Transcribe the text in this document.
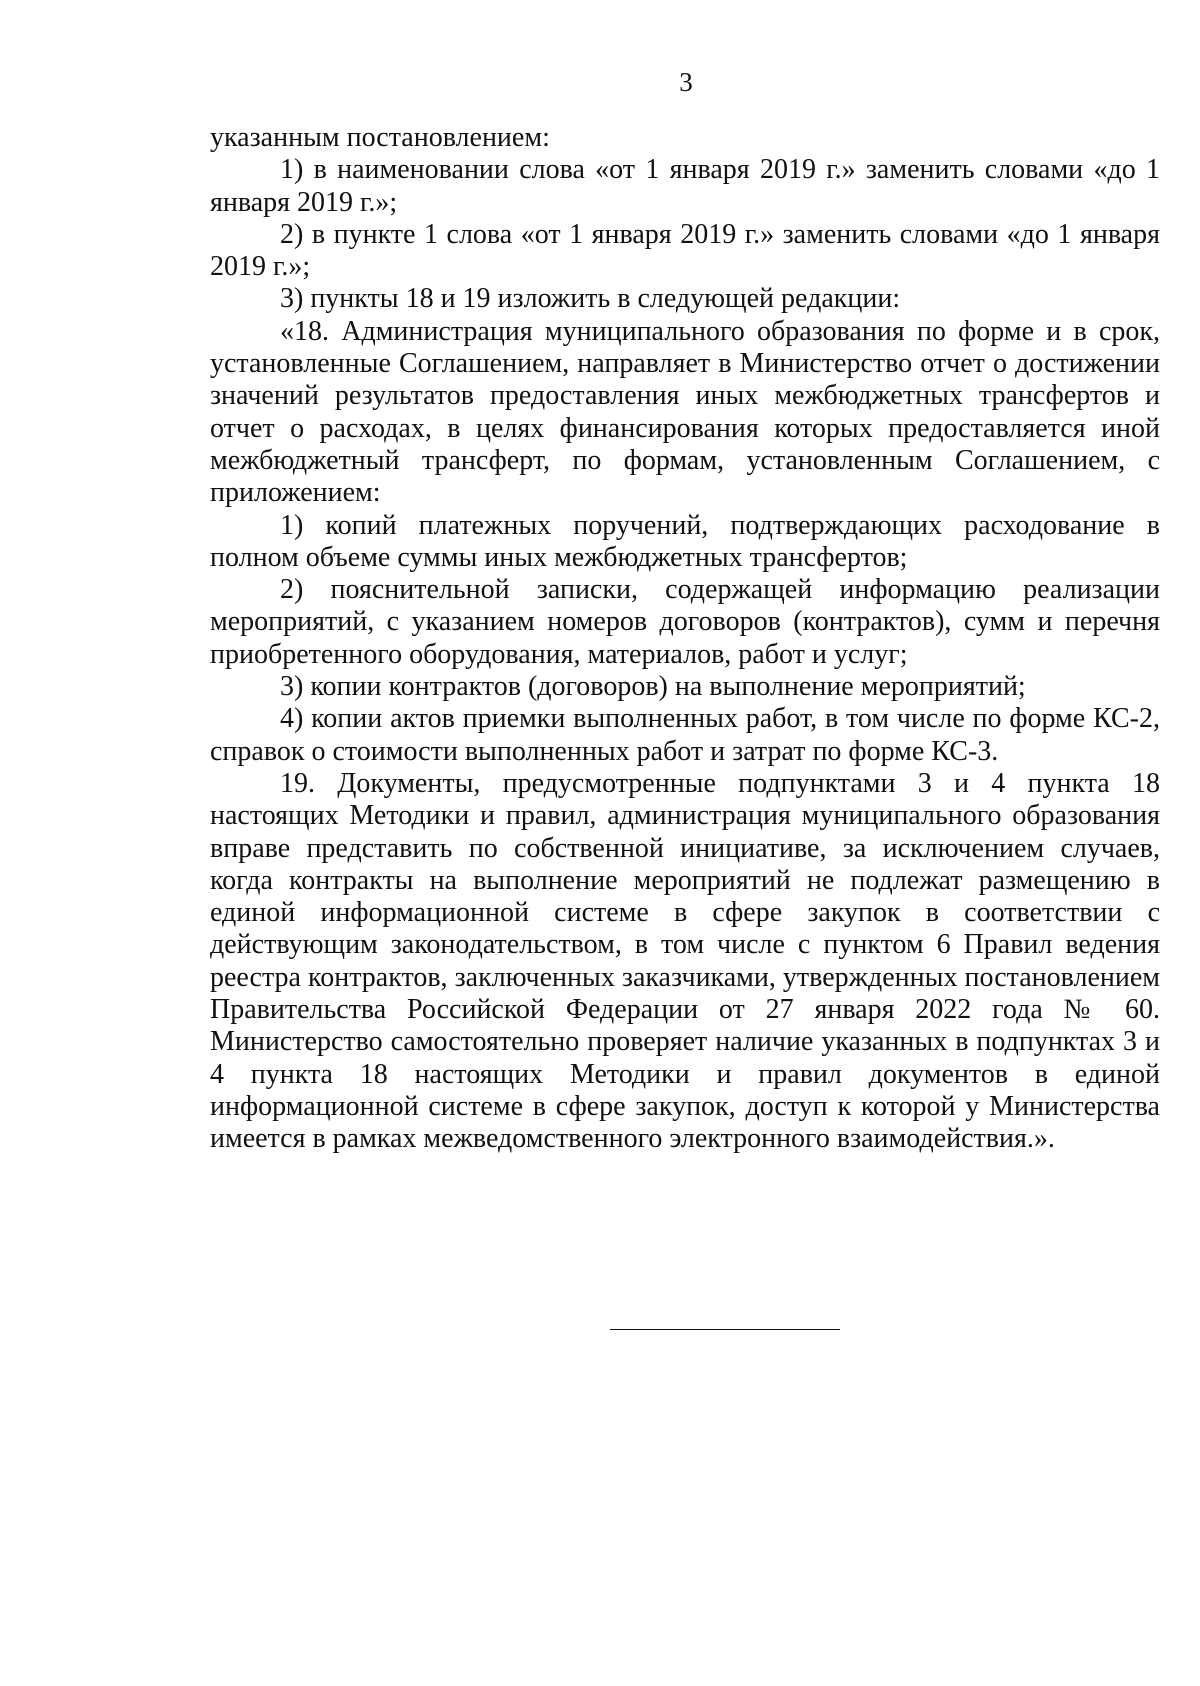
3

указанным постановлением:

1) в наименовании слова «от 1 января 2019 г.» заменить словами «до 1 января 2019 г.»;

2) в пункте 1 слова «от 1 января 2019 г.» заменить словами «до 1 января 2019 г.»;

3) пункты 18 и 19 изложить в следующей редакции:

«18. Администрация муниципального образования по форме и в срок, установленные Соглашением, направляет в Министерство отчет о достижении значений результатов предоставления иных межбюджетных трансфертов и отчет о расходах, в целях финансирования которых предоставляется иной межбюджетный трансферт, по формам, установленным Соглашением, с приложением:

1) копий платежных поручений, подтверждающих расходование в полном объеме суммы иных межбюджетных трансфертов;

2) пояснительной записки, содержащей информацию реализации мероприятий, с указанием номеров договоров (контрактов), сумм и перечня приобретенного оборудования, материалов, работ и услуг;

3) копии контрактов (договоров) на выполнение мероприятий;

4) копии актов приемки выполненных работ, в том числе по форме КС-2, справок о стоимости выполненных работ и затрат по форме КС-3.

19. Документы, предусмотренные подпунктами 3 и 4 пункта 18 настоящих Методики и правил, администрация муниципального образования вправе представить по собственной инициативе, за исключением случаев, когда контракты на выполнение мероприятий не подлежат размещению в единой информационной системе в сфере закупок в соответствии с действующим законодательством, в том числе с пунктом 6 Правил ведения реестра контрактов, заключенных заказчиками, утвержденных постановлением Правительства Российской Федерации от 27 января 2022 года № 60. Министерство самостоятельно проверяет наличие указанных в подпунктах 3 и 4 пункта 18 настоящих Методики и правил документов в единой информационной системе в сфере закупок, доступ к которой у Министерства имеется в рамках межведомственного электронного взаимодействия.».
